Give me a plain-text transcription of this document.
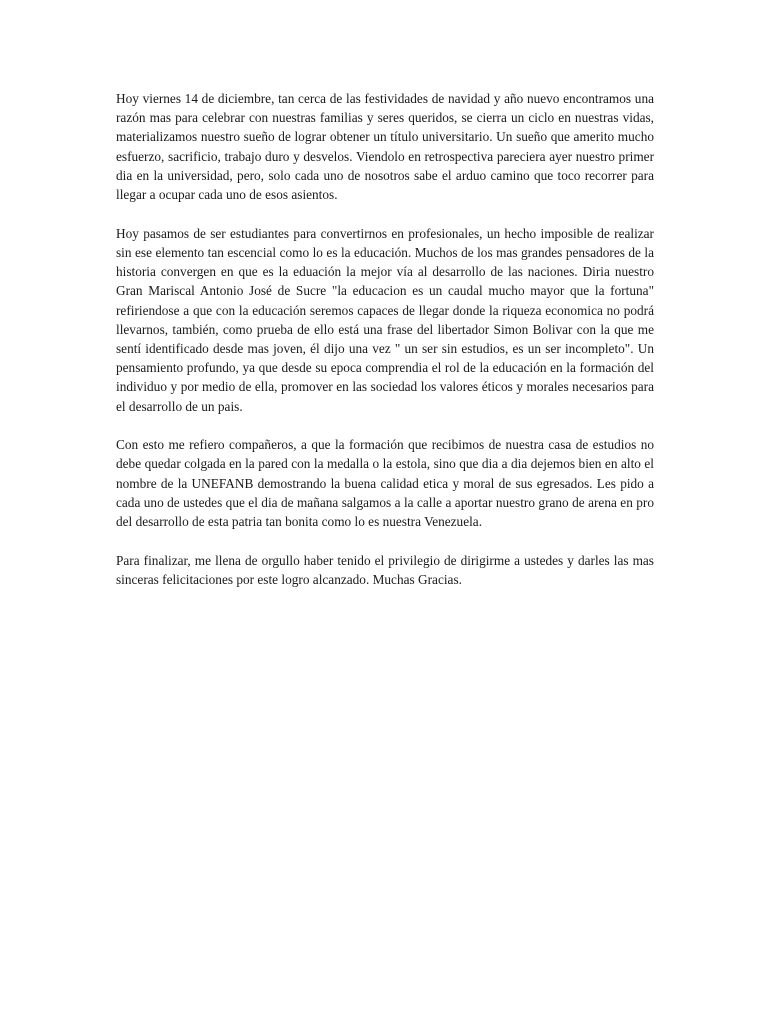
Hoy viernes 14 de diciembre, tan cerca de las festividades de navidad y año nuevo encontramos una razón mas para celebrar con nuestras familias y seres queridos, se cierra un ciclo en nuestras vidas, materializamos nuestro sueño de lograr obtener un título universitario. Un sueño que amerito mucho esfuerzo, sacrificio, trabajo duro y desvelos. Viendolo en retrospectiva pareciera ayer nuestro primer dia en la universidad, pero, solo cada uno de nosotros sabe el arduo camino que toco recorrer para llegar a ocupar cada uno de esos asientos.

Hoy pasamos de ser estudiantes para convertirnos en profesionales, un hecho imposible de realizar sin ese elemento tan escencial como lo es la educación. Muchos de los mas grandes pensadores de la historia convergen en que es la eduación la mejor vía al desarrollo de las naciones. Diria nuestro Gran Mariscal Antonio José de Sucre "la educacion es un caudal mucho mayor que la fortuna" refiriendose a que con la educación seremos capaces de llegar donde la riqueza economica no podrá llevarnos, también, como prueba de ello está una frase del libertador Simon Bolivar con la que me sentí identificado desde mas joven, él dijo una vez " un ser sin estudios, es un ser incompleto". Un pensamiento profundo, ya que desde su epoca comprendia el rol de la educación en la formación del individuo y por medio de ella, promover en las sociedad los valores éticos y morales necesarios para el desarrollo de un pais.

Con esto me refiero compañeros, a que la formación que recibimos de nuestra casa de estudios no debe quedar colgada en la pared con la medalla o la estola, sino que dia a dia dejemos bien en alto el nombre de la UNEFANB demostrando la buena calidad etica y moral de sus egresados. Les pido a cada uno de ustedes que el dia de mañana salgamos a la calle a aportar nuestro grano de arena en pro del desarrollo de esta patria tan bonita como lo es nuestra Venezuela.

Para finalizar, me llena de orgullo haber tenido el privilegio de dirigirme a ustedes y darles las mas sinceras felicitaciones por este logro alcanzado. Muchas Gracias.
